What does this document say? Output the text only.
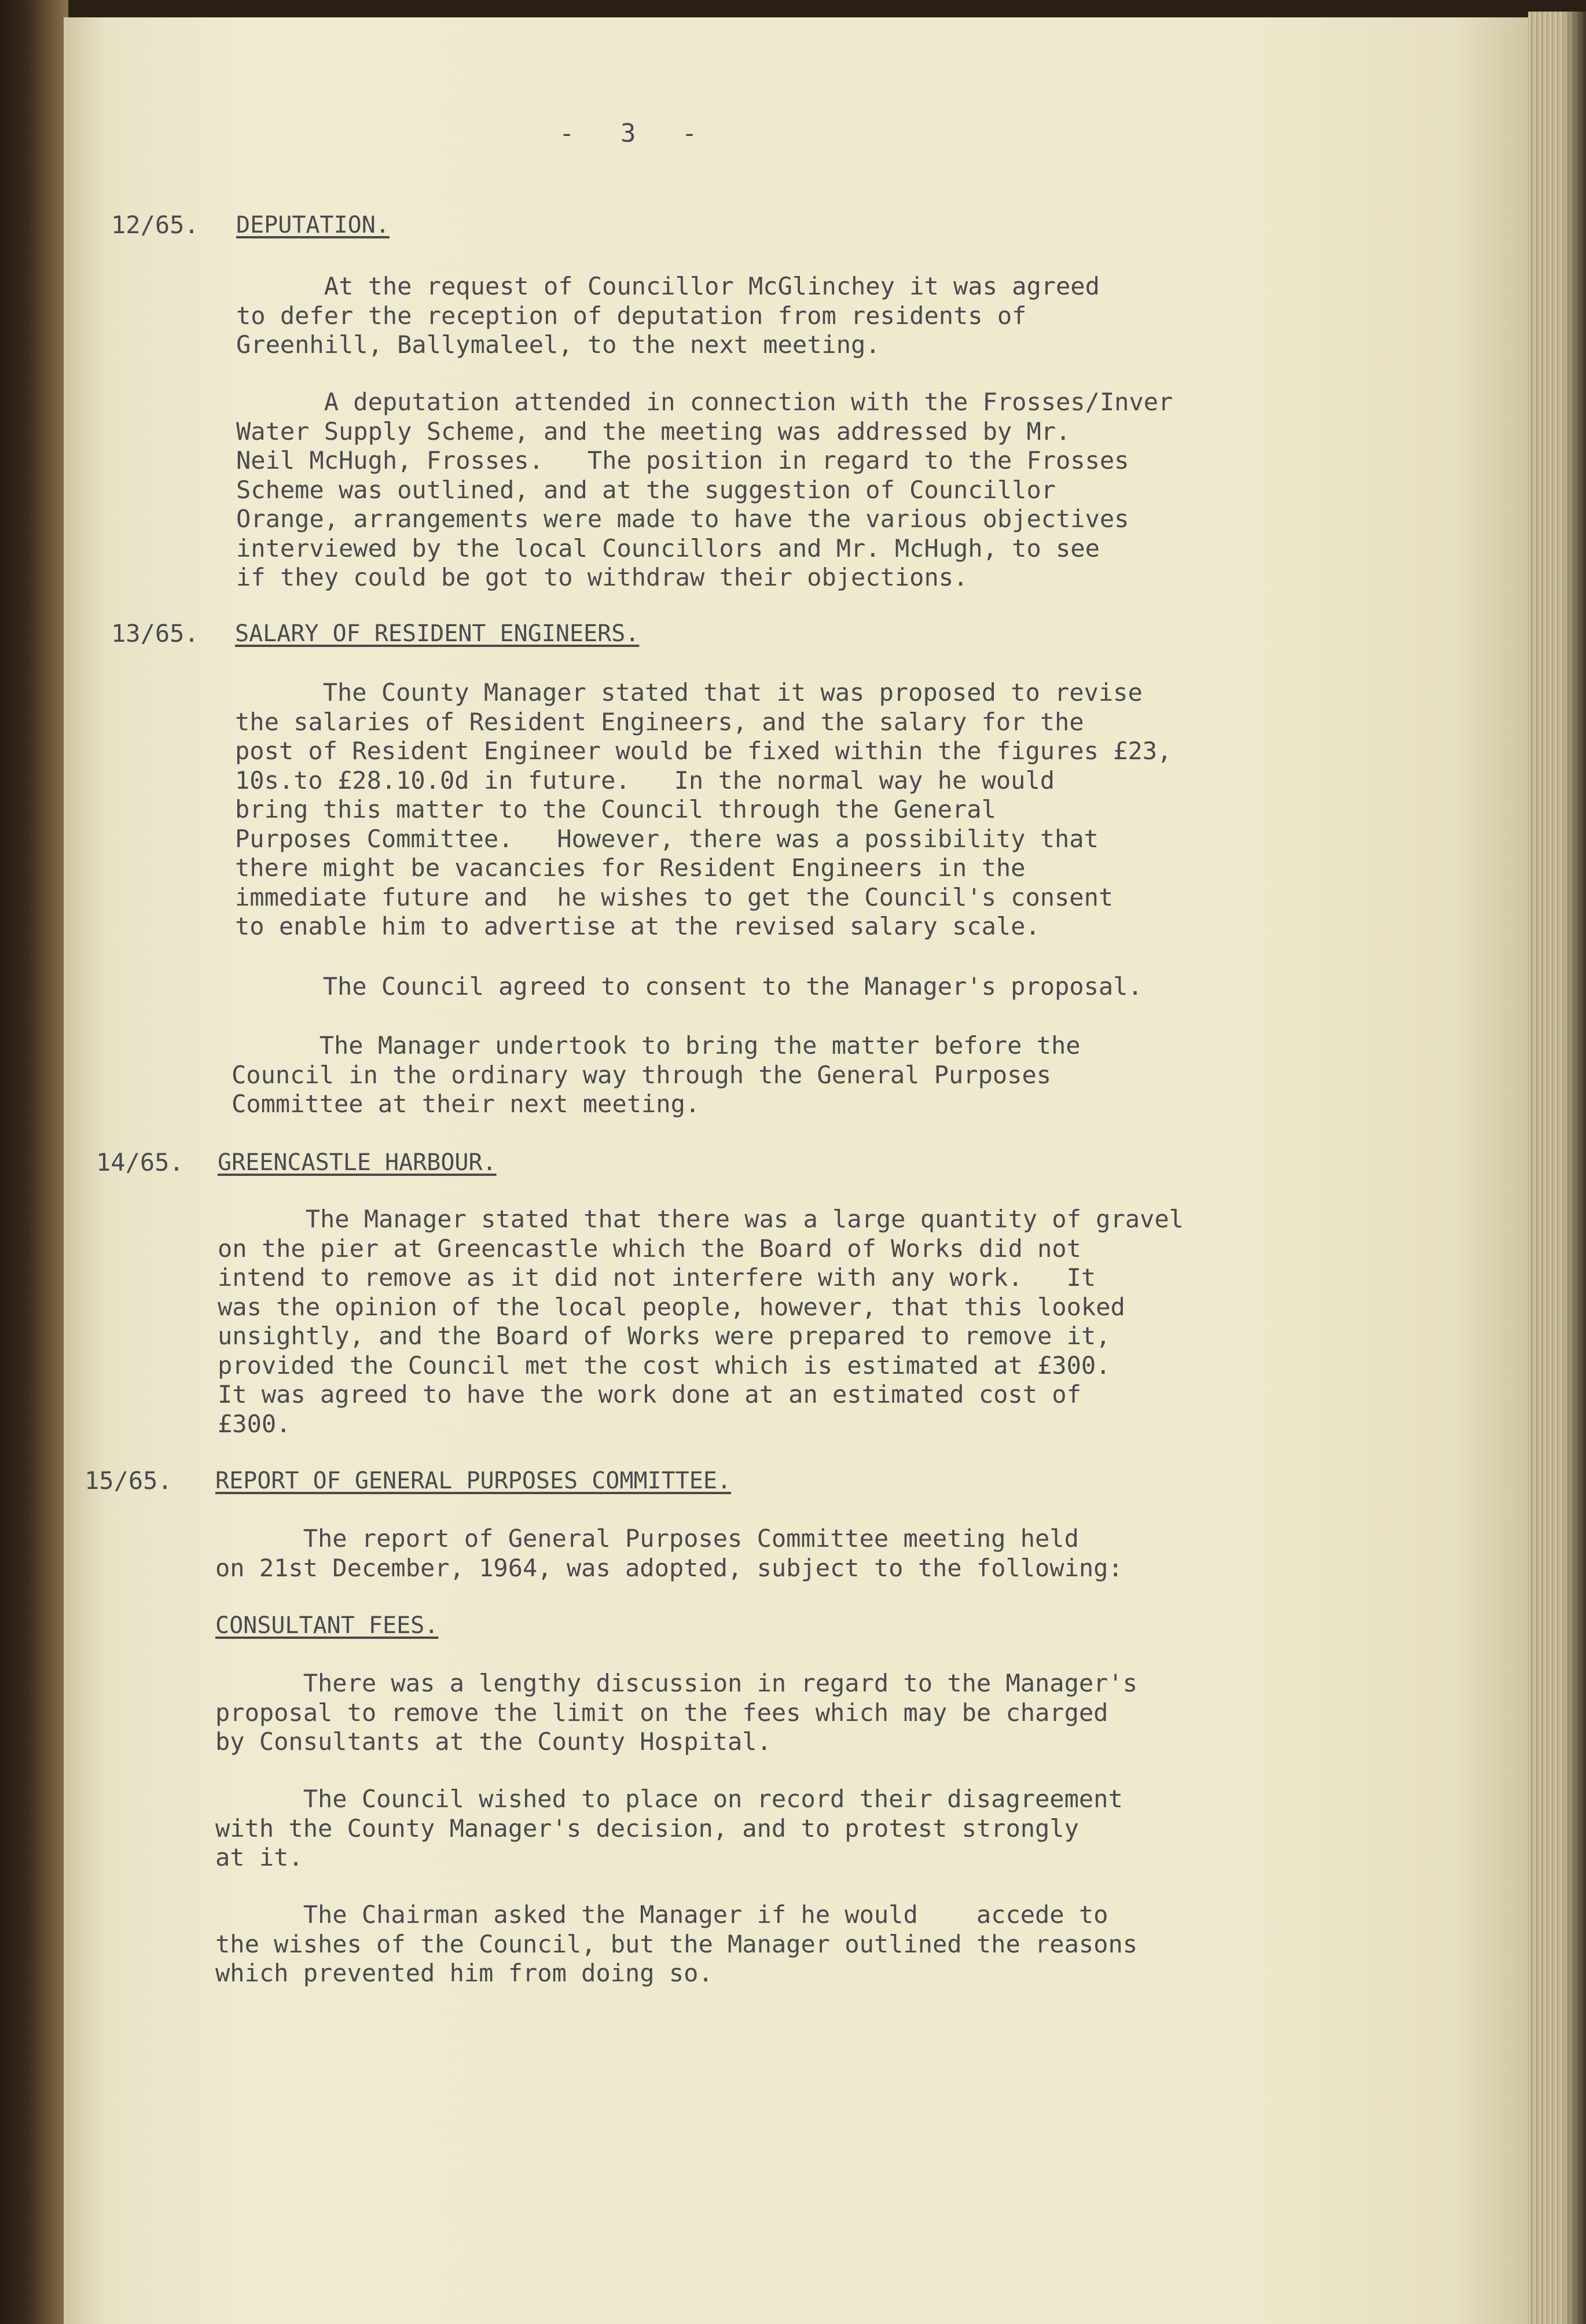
-   3   -
12/65. DEPUTATION.
At the request of Councillor McGlinchey it was agreed
to defer the reception of deputation from residents of
Greenhill, Ballymaleel, to the next meeting.
A deputation attended in connection with the Frosses/Inver
Water Supply Scheme, and the meeting was addressed by Mr.
Neil McHugh, Frosses.   The position in regard to the Frosses
Scheme was outlined, and at the suggestion of Councillor
Orange, arrangements were made to have the various objectives
interviewed by the local Councillors and Mr. McHugh, to see
if they could be got to withdraw their objections.
13/65. SALARY OF RESIDENT ENGINEERS.
The County Manager stated that it was proposed to revise
the salaries of Resident Engineers, and the salary for the
post of Resident Engineer would be fixed within the figures £23,
10s.to £28.10.0d in future.   In the normal way he would
bring this matter to the Council through the General
Purposes Committee.   However, there was a possibility that
there might be vacancies for Resident Engineers in the
immediate future and  he wishes to get the Council's consent
to enable him to advertise at the revised salary scale.
The Council agreed to consent to the Manager's proposal.
The Manager undertook to bring the matter before the
Council in the ordinary way through the General Purposes
Committee at their next meeting.
14/65. GREENCASTLE HARBOUR.
The Manager stated that there was a large quantity of gravel
on the pier at Greencastle which the Board of Works did not
intend to remove as it did not interfere with any work.   It
was the opinion of the local people, however, that this looked
unsightly, and the Board of Works were prepared to remove it,
provided the Council met the cost which is estimated at £300.
It was agreed to have the work done at an estimated cost of
£300.
15/65. REPORT OF GENERAL PURPOSES COMMITTEE.
The report of General Purposes Committee meeting held
on 21st December, 1964, was adopted, subject to the following:
CONSULTANT FEES.
There was a lengthy discussion in regard to the Manager's
proposal to remove the limit on the fees which may be charged
by Consultants at the County Hospital.
The Council wished to place on record their disagreement
with the County Manager's decision, and to protest strongly
at it.
The Chairman asked the Manager if he would    accede to
the wishes of the Council, but the Manager outlined the reasons
which prevented him from doing so.
